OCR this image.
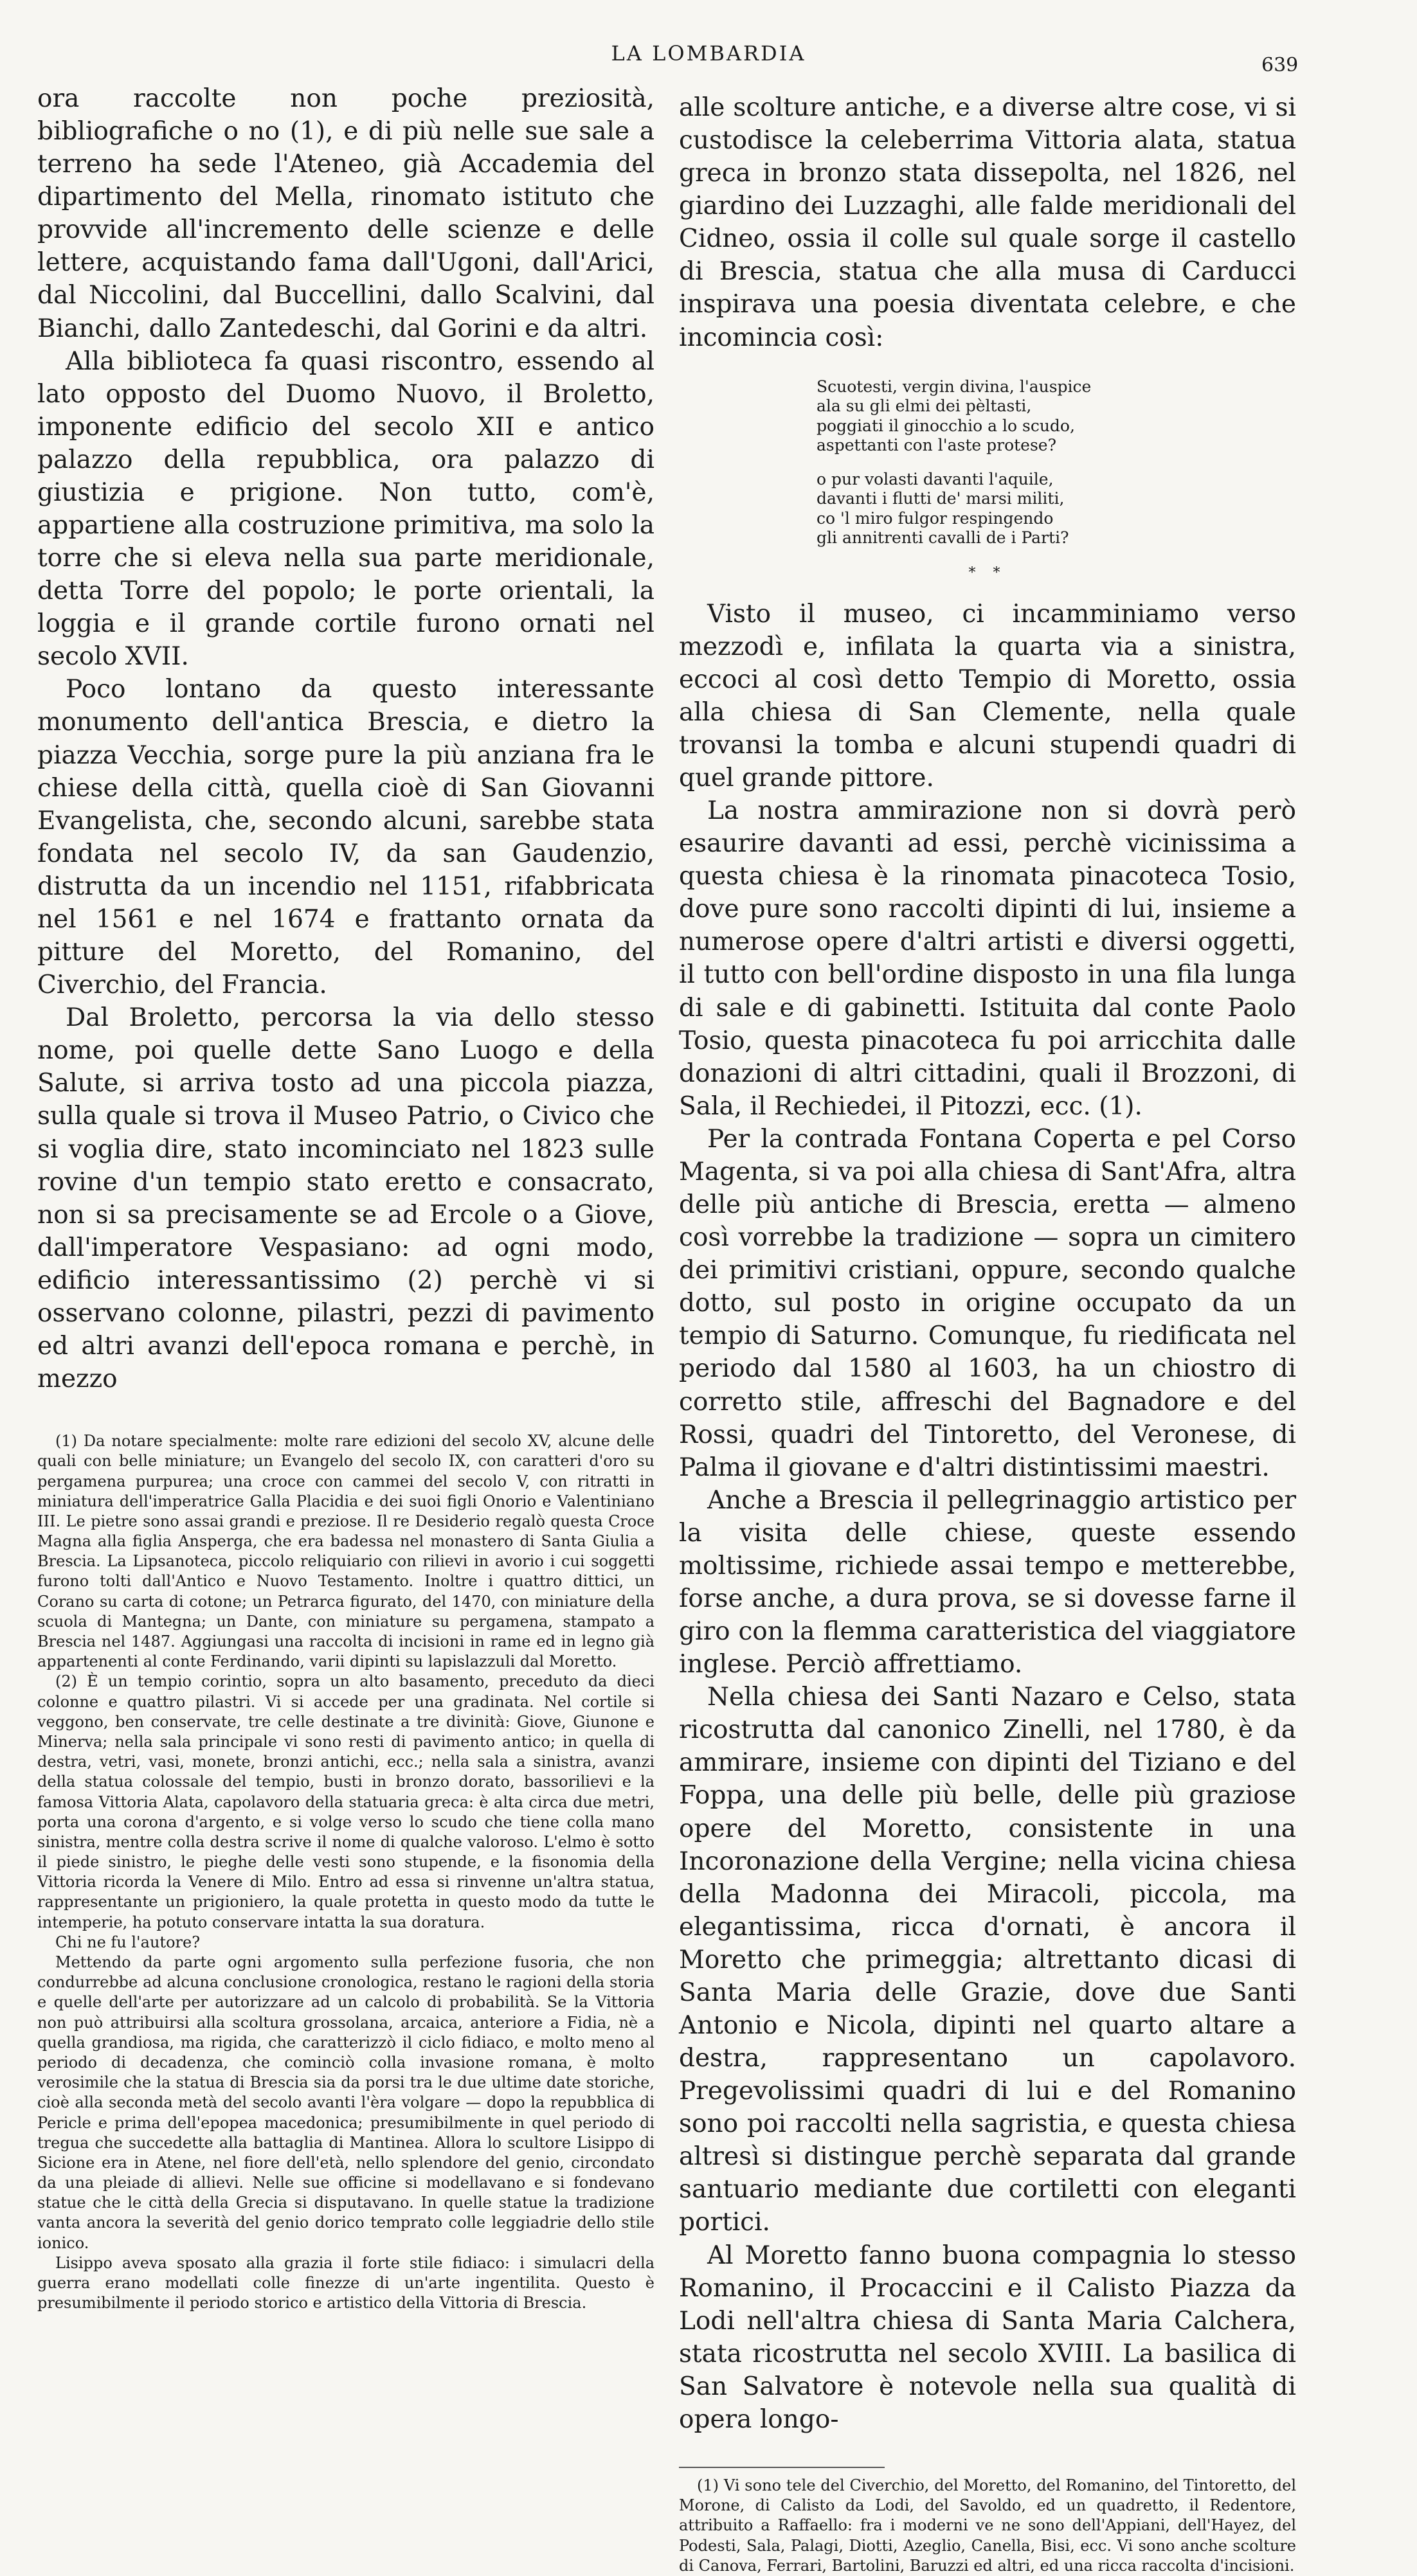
LA LOMBARDIA	639

ora raccolte non poche preziosità, bibliografiche o no (1), e di più nelle sue sale a terreno ha sede l'Ateneo, già Accademia del dipartimento del Mella, rinomato istituto che provvide all'incremento delle scienze e delle lettere, acquistando fama dall'Ugoni, dall'Arici, dal Niccolini, dal Buccellini, dallo Scalvini, dal Bianchi, dallo Zantedeschi, dal Gorini e da altri.

Alla biblioteca fa quasi riscontro, essendo al lato opposto del Duomo Nuovo, il Broletto, imponente edificio del secolo XII e antico palazzo della repubblica, ora palazzo di giustizia e prigione. Non tutto, com'è, appartiene alla costruzione primitiva, ma solo la torre che si eleva nella sua parte meridionale, detta Torre del popolo; le porte orientali, la loggia e il grande cortile furono ornati nel secolo XVII.

Poco lontano da questo interessante monumento dell'antica Brescia, e dietro la piazza Vecchia, sorge pure la più anziana fra le chiese della città, quella cioè di San Giovanni Evangelista, che, secondo alcuni, sarebbe stata fondata nel secolo IV, da san Gaudenzio, distrutta da un incendio nel 1151, rifabbricata nel 1561 e nel 1674 e frattanto ornata da pitture del Moretto, del Romanino, del Civerchio, del Francia.

Dal Broletto, percorsa la via dello stesso nome, poi quelle dette Sano Luogo e della Salute, si arriva tosto ad una piccola piazza, sulla quale si trova il Museo Patrio, o Civico che si voglia dire, stato incominciato nel 1823 sulle rovine d'un tempio stato eretto e consacrato, non si sa precisamente se ad Ercole o a Giove, dall'imperatore Vespasiano: ad ogni modo, edificio interessantissimo (2) perchè vi si osservano colonne, pilastri, pezzi di pavimento ed altri avanzi dell'epoca romana e perchè, in mezzo

(1) Da notare specialmente: molte rare edizioni del secolo XV, alcune delle quali con belle miniature; un Evangelo del secolo IX, con caratteri d'oro su pergamena purpurea; una croce con cammei del secolo V, con ritratti in miniatura dell'imperatrice Galla Placidia e dei suoi figli Onorio e Valentiniano III. Le pietre sono assai grandi e preziose. Il re Desiderio regalò questa Croce Magna alla figlia Ansperga, che era badessa nel monastero di Santa Giulia a Brescia. La Lipsanoteca, piccolo reliquiario con rilievi in avorio i cui soggetti furono tolti dall'Antico e Nuovo Testamento. Inoltre i quattro dittici, un Corano su carta di cotone; un Petrarca figurato, del 1470, con miniature della scuola di Mantegna; un Dante, con miniature su pergamena, stampato a Brescia nel 1487. Aggiungasi una raccolta di incisioni in rame ed in legno già appartenenti al conte Ferdinando, varii dipinti su lapislazzuli dal Moretto.

(2) È un tempio corintio, sopra un alto basamento, preceduto da dieci colonne e quattro pilastri. Vi si accede per una gradinata. Nel cortile si veggono, ben conservate, tre celle destinate a tre divinità: Giove, Giunone e Minerva; nella sala principale vi sono resti di pavimento antico; in quella di destra, vetri, vasi, monete, bronzi antichi, ecc.; nella sala a sinistra, avanzi della statua colossale del tempio, busti in bronzo dorato, bassorilievi e la famosa Vittoria Alata, capolavoro della statuaria greca: è alta circa due metri, porta una corona d'argento, e si volge verso lo scudo che tiene colla mano sinistra, mentre colla destra scrive il nome di qualche valoroso. L'elmo è sotto il piede sinistro, le pieghe delle vesti sono stupende, e la fisonomia della Vittoria ricorda la Venere di Milo. Entro ad essa si rinvenne un'altra statua, rappresentante un prigioniero, la quale protetta in questo modo da tutte le intemperie, ha potuto conservare intatta la sua doratura.

Chi ne fu l'autore?

Mettendo da parte ogni argomento sulla perfezione fusoria, che non condurrebbe ad alcuna conclusione cronologica, restano le ragioni della storia e quelle dell'arte per autorizzare ad un calcolo di probabilità. Se la Vittoria non può attribuirsi alla scoltura grossolana, arcaica, anteriore a Fidia, nè a quella grandiosa, ma rigida, che caratterizzò il ciclo fidiaco, e molto meno al periodo di decadenza, che cominciò colla invasione romana, è molto verosimile che la statua di Brescia sia da porsi tra le due ultime date storiche, cioè alla seconda metà del secolo avanti l'èra volgare — dopo la repubblica di Pericle e prima dell'epopea macedonica; presumibilmente in quel periodo di tregua che succedette alla battaglia di Mantinea. Allora lo scultore Lisippo di Sicione era in Atene, nel fiore dell'età, nello splendore del genio, circondato da una pleiade di allievi. Nelle sue officine si modellavano e si fondevano statue che le città della Grecia si disputavano. In quelle statue la tradizione vanta ancora la severità del genio dorico temprato colle leggiadrie dello stile ionico.

Lisippo aveva sposato alla grazia il forte stile fidiaco: i simulacri della guerra erano modellati colle finezze di un'arte ingentilita. Questo è presumibilmente il periodo storico e artistico della Vittoria di Brescia.

alle scolture antiche, e a diverse altre cose, vi si custodisce la celeberrima Vittoria alata, statua greca in bronzo stata dissepolta, nel 1826, nel giardino dei Luzzaghi, alle falde meridionali del Cidneo, ossia il colle sul quale sorge il castello di Brescia, statua che alla musa di Carducci inspirava una poesia diventata celebre, e che incomincia così:

Scuotesti, vergin divina, l'auspice
ala su gli elmi dei pèltasti,
poggiati il ginocchio a lo scudo,
aspettanti con l'aste protese?

o pur volasti davanti l'aquile,
davanti i flutti de' marsi militi,
co 'l miro fulgor respingendo
gli annitrenti cavalli de i Parti?

* *

Visto il museo, ci incamminiamo verso mezzodì e, infilata la quarta via a sinistra, eccoci al così detto Tempio di Moretto, ossia alla chiesa di San Clemente, nella quale trovansi la tomba e alcuni stupendi quadri di quel grande pittore.

La nostra ammirazione non si dovrà però esaurire davanti ad essi, perchè vicinissima a questa chiesa è la rinomata pinacoteca Tosio, dove pure sono raccolti dipinti di lui, insieme a numerose opere d'altri artisti e diversi oggetti, il tutto con bell'ordine disposto in una fila lunga di sale e di gabinetti. Istituita dal conte Paolo Tosio, questa pinacoteca fu poi arricchita dalle donazioni di altri cittadini, quali il Brozzoni, di Sala, il Rechiedei, il Pitozzi, ecc. (1).

Per la contrada Fontana Coperta e pel Corso Magenta, si va poi alla chiesa di Sant'Afra, altra delle più antiche di Brescia, eretta — almeno così vorrebbe la tradizione — sopra un cimitero dei primitivi cristiani, oppure, secondo qualche dotto, sul posto in origine occupato da un tempio di Saturno. Comunque, fu riedificata nel periodo dal 1580 al 1603, ha un chiostro di corretto stile, affreschi del Bagnadore e del Rossi, quadri del Tintoretto, del Veronese, di Palma il giovane e d'altri distintissimi maestri.

Anche a Brescia il pellegrinaggio artistico per la visita delle chiese, queste essendo moltissime, richiede assai tempo e metterebbe, forse anche, a dura prova, se si dovesse farne il giro con la flemma caratteristica del viaggiatore inglese. Perciò affrettiamo.

Nella chiesa dei Santi Nazaro e Celso, stata ricostrutta dal canonico Zinelli, nel 1780, è da ammirare, insieme con dipinti del Tiziano e del Foppa, una delle più belle, delle più graziose opere del Moretto, consistente in una Incoronazione della Vergine; nella vicina chiesa della Madonna dei Miracoli, piccola, ma elegantissima, ricca d'ornati, è ancora il Moretto che primeggia; altrettanto dicasi di Santa Maria delle Grazie, dove due Santi Antonio e Nicola, dipinti nel quarto altare a destra, rappresentano un capolavoro. Pregevolissimi quadri di lui e del Romanino sono poi raccolti nella sagristia, e questa chiesa altresì si distingue perchè separata dal grande santuario mediante due cortiletti con eleganti portici.

Al Moretto fanno buona compagnia lo stesso Romanino, il Procaccini e il Calisto Piazza da Lodi nell'altra chiesa di Santa Maria Calchera, stata ricostrutta nel secolo XVIII. La basilica di San Salvatore è notevole nella sua qualità di opera longo-

(1) Vi sono tele del Civerchio, del Moretto, del Romanino, del Tintoretto, del Morone, di Calisto da Lodi, del Savoldo, ed un quadretto, il Redentore, attribuito a Raffaello: fra i moderni ve ne sono dell'Appiani, dell'Hayez, del Podesti, Sala, Palagi, Diotti, Azeglio, Canella, Bisi, ecc. Vi sono anche scolture di Canova, Ferrari, Bartolini, Baruzzi ed altri, ed una ricca raccolta d'incisioni.
